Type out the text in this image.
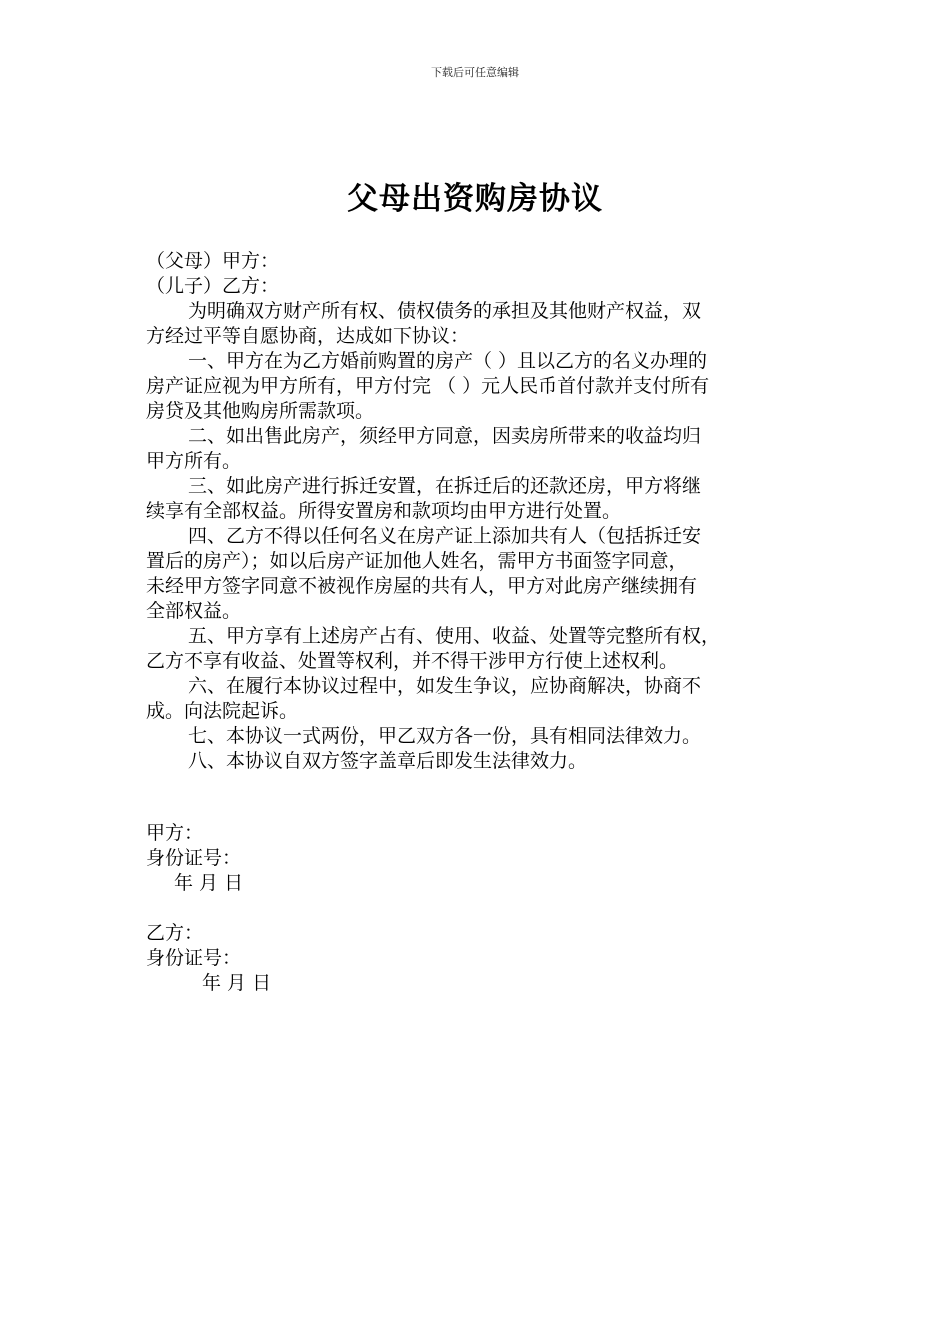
下载后可任意编辑
父母出资购房协议
（父母）甲方：
（儿子）乙方：
为明确双方财产所有权、债权债务的承担及其他财产权益，双
方经过平等自愿协商，达成如下协议：
一、甲方在为乙方婚前购置的房产（ ）且以乙方的名义办理的
房产证应视为甲方所有，甲方付完 （ ）元人民币首付款并支付所有
房贷及其他购房所需款项。
二、如出售此房产，须经甲方同意，因卖房所带来的收益均归
甲方所有。
三、如此房产进行拆迁安置，在拆迁后的还款还房，甲方将继
续享有全部权益。所得安置房和款项均由甲方进行处置。
四、乙方不得以任何名义在房产证上添加共有人（包括拆迁安
置后的房产）；如以后房产证加他人姓名，需甲方书面签字同意，
未经甲方签字同意不被视作房屋的共有人，甲方对此房产继续拥有
全部权益。
五、甲方享有上述房产占有、使用、收益、处置等完整所有权，
乙方不享有收益、处置等权利，并不得干涉甲方行使上述权利。
六、在履行本协议过程中，如发生争议，应协商解决，协商不
成。向法院起诉。
七、本协议一式两份，甲乙双方各一份，具有相同法律效力。
八、本协议自双方签字盖章后即发生法律效力。
甲方：
身份证号：
年 月 日
乙方：
身份证号：
年 月 日
